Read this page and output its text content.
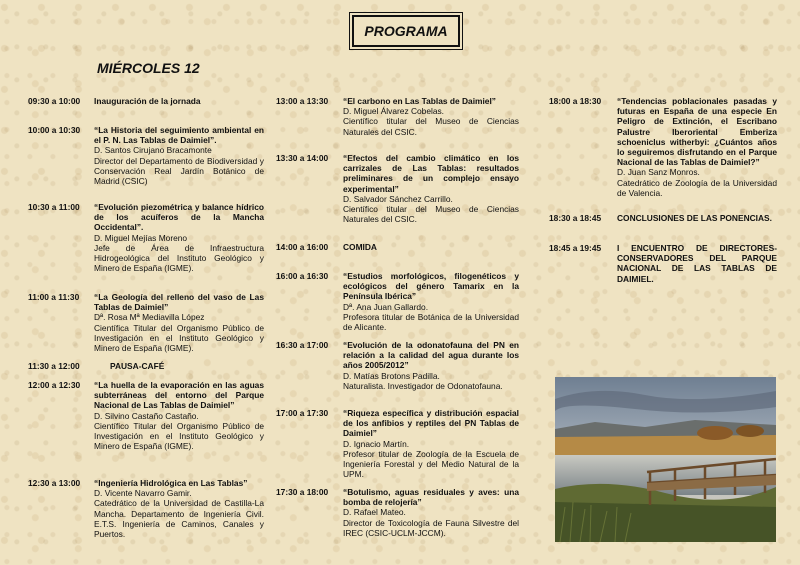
PROGRAMA
MIÉRCOLES 12
09:30 a 10:00 Inauguración de la jornada
10:00 a 10:30 “La Historia del seguimiento ambiental en el P. N. Las Tablas de Daimiel”.
D. Santos Cirujano Bracamonte
Director del Departamento de Biodiversidad y Conservación Real Jardín Botánico de Madrid (CSIC)
10:30 a 11:00 “Evolución piezométrica y balance hídrico de los acuíferos de la Mancha Occidental”.
D. Miguel Mejías Moreno
Jefe de Área de Infraestructura Hidrogeológica del Instituto Geológico y Minero de España (IGME).
11:00 a 11:30 “La Geología del relleno del vaso de Las Tablas de Daimiel”
Dª. Rosa Mª Mediavilla López
Científica Titular del Organismo Público de Investigación en el Instituto Geológico y Minero de España (IGME).
11:30 a 12:00	PAUSA-CAFÉ
12:00 a 12:30 “La huella de la evaporación en las aguas subterráneas del entorno del Parque Nacional de Las Tablas de Daimiel”
D. Silvino Castaño Castaño.
Científico Titular del Organismo Público de Investigación en el Instituto Geológico y Minero de España (IGME).
12:30 a 13:00 “Ingeniería Hidrológica en Las Tablas”
D. Vicente Navarro Gamir.
Catedrático de la Universidad de Castilla-La Mancha. Departamento de Ingeniería Civil. E.T.S. Ingeniería de Caminos, Canales y Puertos.
13:00 a 13:30 “El carbono en Las Tablas de Daimiel”
D. Miguel Álvarez Cobelas.
Científico titular del Museo de Ciencias Naturales del CSIC.
13:30 a 14:00 “Efectos del cambio climático en los carrizales de Las Tablas: resultados preliminares de un complejo ensayo experimental”
D. Salvador Sánchez Carrillo.
Científico titular del Museo de Ciencias Naturales del CSIC.
14:00 a 16:00 COMIDA
16:00 a 16:30 “Estudios morfológicos, filogenéticos y ecológicos del género Tamarix en la Península Ibérica”
Dª. Ana Juan Gallardo.
Profesora titular de Botánica de la Universidad de Alicante.
16:30 a 17:00 “Evolución de la odonatofauna del PN en relación a la calidad del agua durante los años 2005/2012”
D. Matías Brotons Padilla.
Naturalista. Investigador de Odonatofauna.
17:00 a 17:30 “Riqueza específica y distribución espacial de los anfibios y reptiles del PN Tablas de Daimiel”
D. Ignacio Martín.
Profesor titular de Zoología de la Escuela de Ingeniería Forestal y del Medio Natural de la UPM.
17:30 a 18:00 “Botulismo, aguas residuales y aves: una bomba de relojería”
D. Rafael Mateo.
Director de Toxicología de Fauna Silvestre del IREC (CSIC-UCLM-JCCM).
18:00 a 18:30 “Tendencias poblacionales pasadas y futuras en España de una especie En Peligro de Extinción, el Escribano Palustre Iberoriental Emberiza schoeniclus witherbyi: ¿Cuántos años lo seguiremos disfrutando en el Parque Nacional de las Tablas de Daimiel?”
D. Juan Sanz Monros.
Catedrático de Zoología de la Universidad de Valencia.
18:30 a 18:45 CONCLUSIONES DE LAS PONENCIAS.
18:45 a 19:45 I ENCUENTRO DE DIRECTORES-CONSERVADORES DEL PARQUE NACIONAL DE LAS TABLAS DE DAIMIEL.
